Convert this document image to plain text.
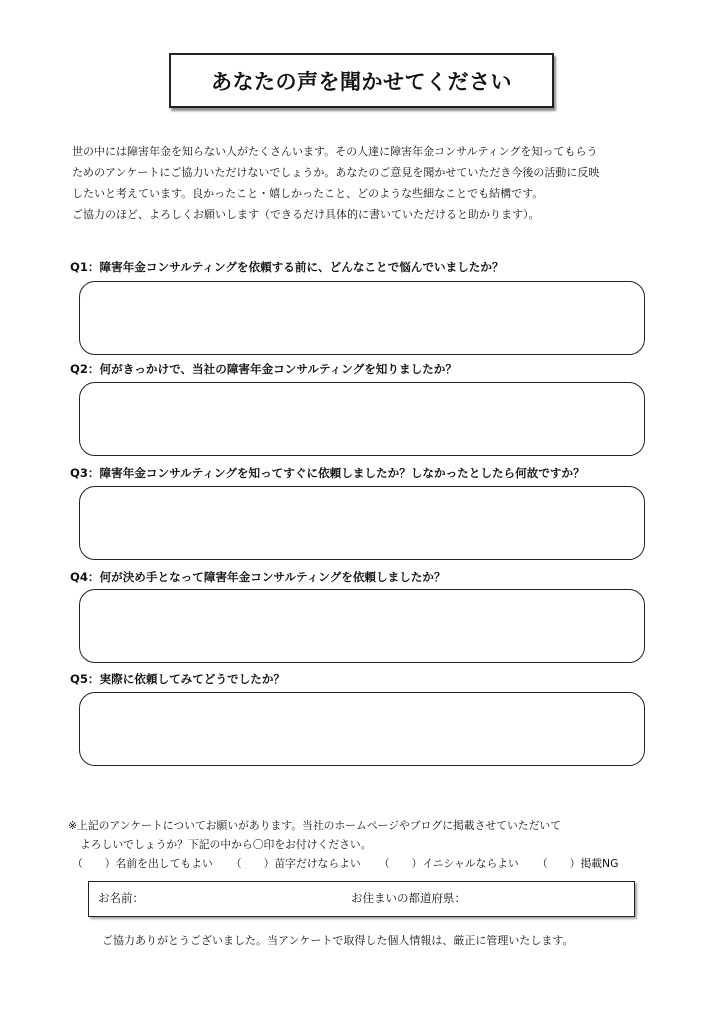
あなたの声を聞かせてください
世の中には障害年金を知らない人がたくさんいます。その人達に障害年金コンサルティングを知ってもらう
ためのアンケートにご協力いただけないでしょうか。あなたのご意見を聞かせていただき今後の活動に反映
したいと考えています。良かったこと・嬉しかったこと、どのような些細なことでも結構です。
ご協力のほど、よろしくお願いします（できるだけ具体的に書いていただけると助かります）。
Q1：障害年金コンサルティングを依頼する前に、どんなことで悩んでいましたか？
Q2：何がきっかけで、当社の障害年金コンサルティングを知りましたか？
Q3：障害年金コンサルティングを知ってすぐに依頼しましたか？しなかったとしたら何故ですか？
Q4：何が決め手となって障害年金コンサルティングを依頼しましたか？
Q5：実際に依頼してみてどうでしたか？
※上記のアンケートについてお願いがあります。当社のホームページやブログに掲載させていただいて
よろしいでしょうか？下記の中から〇印をお付けください。
（ ） 名前を出してもよい （ ） 苗字だけならよい （ ） イニシャルならよい （ ） 掲載NG
お名前：	お住まいの都道府県：
ご協力ありがとうございました。当アンケートで取得した個人情報は、厳正に管理いたします。
